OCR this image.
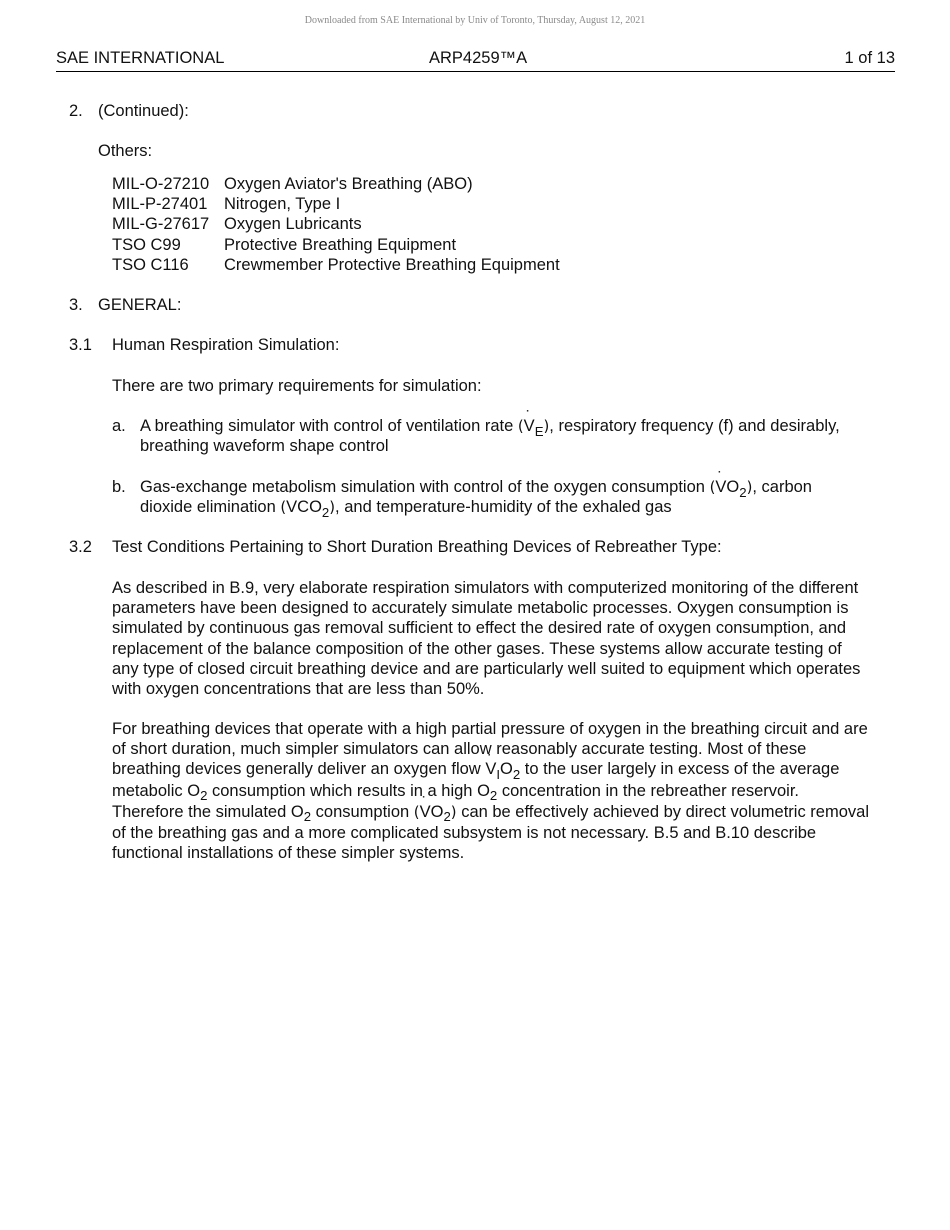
Downloaded from SAE International by Univ of Toronto, Thursday, August 12, 2021
SAE INTERNATIONAL	ARP4259™A	1 of 13
2. (Continued):
Others:
MIL-O-27210 Oxygen Aviator's Breathing (ABO)
MIL-P-27401 Nitrogen, Type I
MIL-G-27617 Oxygen Lubricants
TSO C99	Protective Breathing Equipment
TSO C116 Crewmember Protective Breathing Equipment
3. GENERAL:
3.1 Human Respiration Simulation:
There are two primary requirements for simulation:
a. A breathing simulator with control of ventilation rate (V $˙_E$), respiratory frequency (f) and desirably,
breathing waveform shape control
b. Gas-exchange metabolism simulation with control of the oxygen consumption (V $˙O_2$), carbon
dioxide elimination (V $˙CO_2$), and temperature-humidity of the exhaled gas
3.2 Test Conditions Pertaining to Short Duration Breathing Devices of Rebreather Type:
As described in B.9, very elaborate respiration simulators with computerized monitoring of the different parameters have been designed to accurately simulate metabolic processes. Oxygen consumption is simulated by continuous gas removal sufficient to effect the desired rate of oxygen consumption, and replacement of the balance composition of the other gases. These systems allow accurate testing of any type of closed circuit breathing device and are particularly well suited to equipment which operates with oxygen concentrations that are less than 50%.
For breathing devices that operate with a high partial pressure of oxygen in the breathing circuit and are of short duration, much simpler simulators can allow reasonably accurate testing. Most of these breathing devices generally deliver an oxygen flow V $˙_IO_2$ to the user largely in excess of the average metabolic $O_2$ consumption which results in a high $O_2$ concentration in the rebreather reservoir. Therefore the simulated $O_2$ consumption (V $˙O_2$) can be effectively achieved by direct volumetric removal of the breathing gas and a more complicated subsystem is not necessary. B.5 and B.10 describe functional installations of these simpler systems.
